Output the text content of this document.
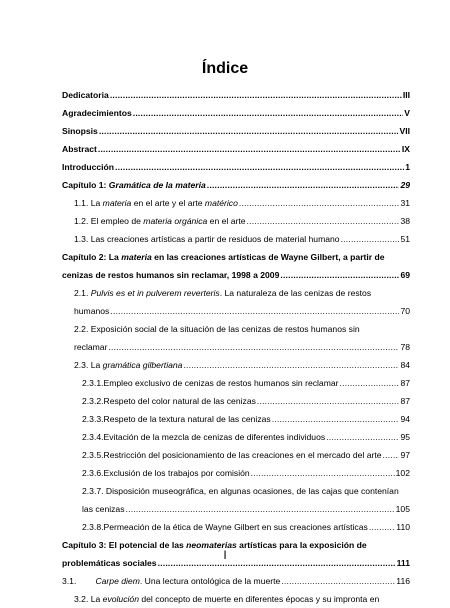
Índice
Dedicatoria .....	III
Agradecimientos .....	V
Sinopsis .....	VII
Abstract .....	IX
Introducción .....	1
Capítulo 1: Gramática de la materia .....	29
1.1. La materia en el arte y el arte matérico .....	31
1.2. El empleo de materia orgánica en el arte .....	38
1.3. Las creaciones artísticas a partir de residuos de material humano .....	51
Capítulo 2: La materia en las creaciones artísticas de Wayne Gilbert, a partir de
cenizas de restos humanos sin reclamar, 1998 a 2009 .....	69
2.1. Pulvis es et in pulverem reverteris. La naturaleza de las cenizas de restos
humanos .....	70
2.2. Exposición social de la situación de las cenizas de restos humanos sin
reclamar .....	78
2.3. La gramática gilbertiana .....	84
2.3.1.Empleo exclusivo de cenizas de restos humanos sin reclamar .....	87
2.3.2.Respeto del color natural de las cenizas .....	87
2.3.3.Respeto de la textura natural de las cenizas .....	94
2.3.4.Evitación de la mezcla de cenizas de diferentes individuos .....	95
2.3.5.Restricción del posicionamiento de las creaciones en el mercado del arte ..... 97
2.3.6.Exclusión de los trabajos por comisión .....	102
2.3.7. Disposición museográfica, en algunas ocasiones, de las cajas que contenían
las cenizas .....	105
2.3.8.Permeación de la ética de Wayne Gilbert en sus creaciones artísticas .....	110
Capítulo 3: El potencial de las neomaterias artísticas para la exposición de
problemáticas sociales .....	111
3.1.        Carpe diem. Una lectura ontológica de la muerte .....	116
3.2. La evolución del concepto de muerte en diferentes épocas y su impronta en
I
